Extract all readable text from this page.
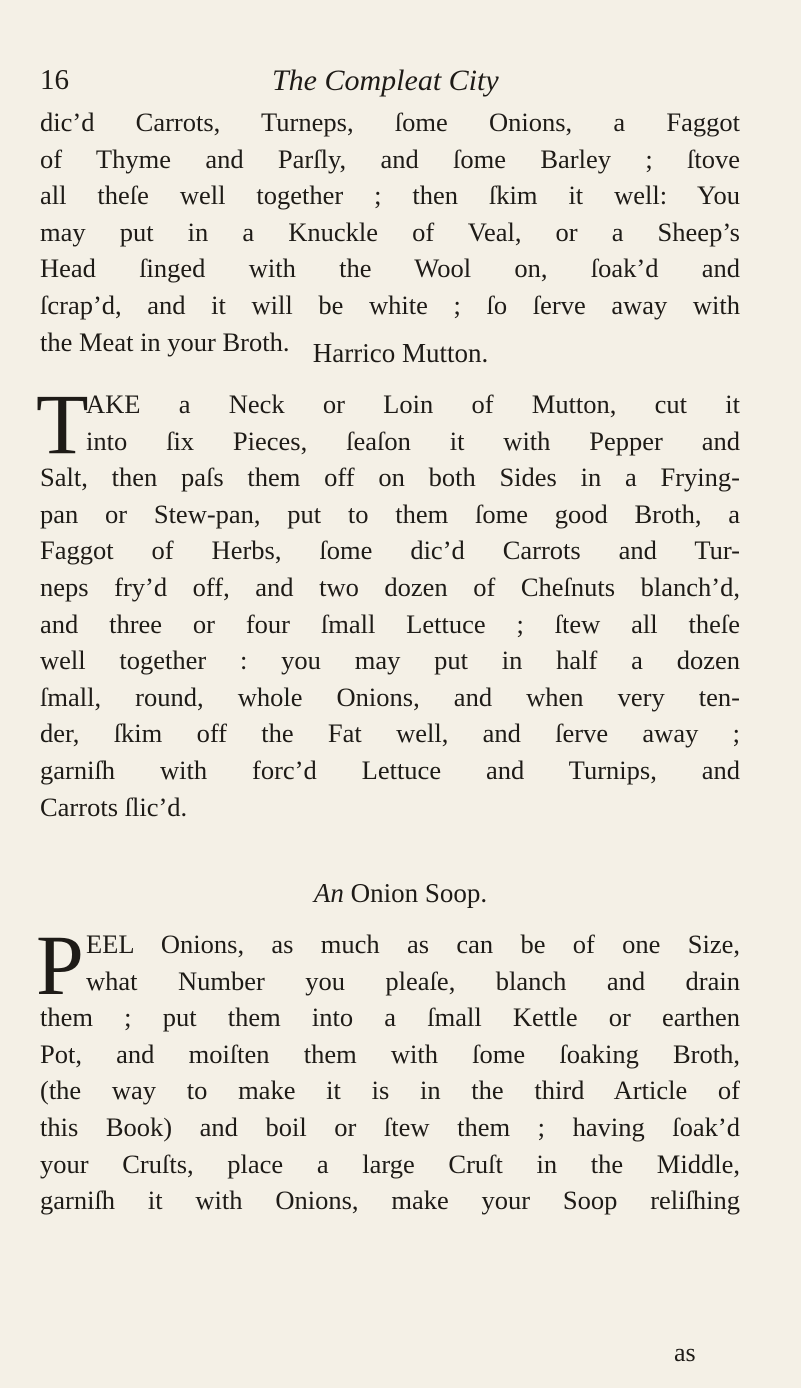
16	The Compleat City
dic’d Carrots, Turneps, ſome Onions, a Faggot
of Thyme and Parſly, and ſome Barley ; ſtove
all theſe well together ; then ſkim it well: You
may put in a Knuckle of Veal, or a Sheep’s
Head ſinged with the Wool on, ſoak’d and
ſcrap’d, and it will be white ; ſo ſerve away with
the Meat in your Broth. Harrico Mutton.
T
AKE a Neck or Loin of Mutton, cut it
into ſix Pieces, ſeaſon it with Pepper and
Salt, then paſs them off on both Sides in a Frying-
pan or Stew-pan, put to them ſome good Broth, a
Faggot of Herbs, ſome dic’d Carrots and Tur-
neps fry’d off, and two dozen of Cheſnuts blanch’d,
and three or four ſmall Lettuce ; ſtew all theſe
well together : you may put in half a dozen
ſmall, round, whole Onions, and when very ten-
der, ſkim off the Fat well, and ſerve away ;
garniſh with forc’d Lettuce and Turnips, and
Carrots ſlic’d.
An Onion Soop.
P EEL Onions, as much as can be of one Size,
what Number you pleaſe, blanch and drain
them ; put them into a ſmall Kettle or earthen
Pot, and moiſten them with ſome ſoaking Broth,
(the way to make it is in the third Article of
this Book) and boil or ſtew them ; having ſoak’d
your Cruſts, place a large Cruſt in the Middle,
garniſh it with Onions, make your Soop reliſhing
as
